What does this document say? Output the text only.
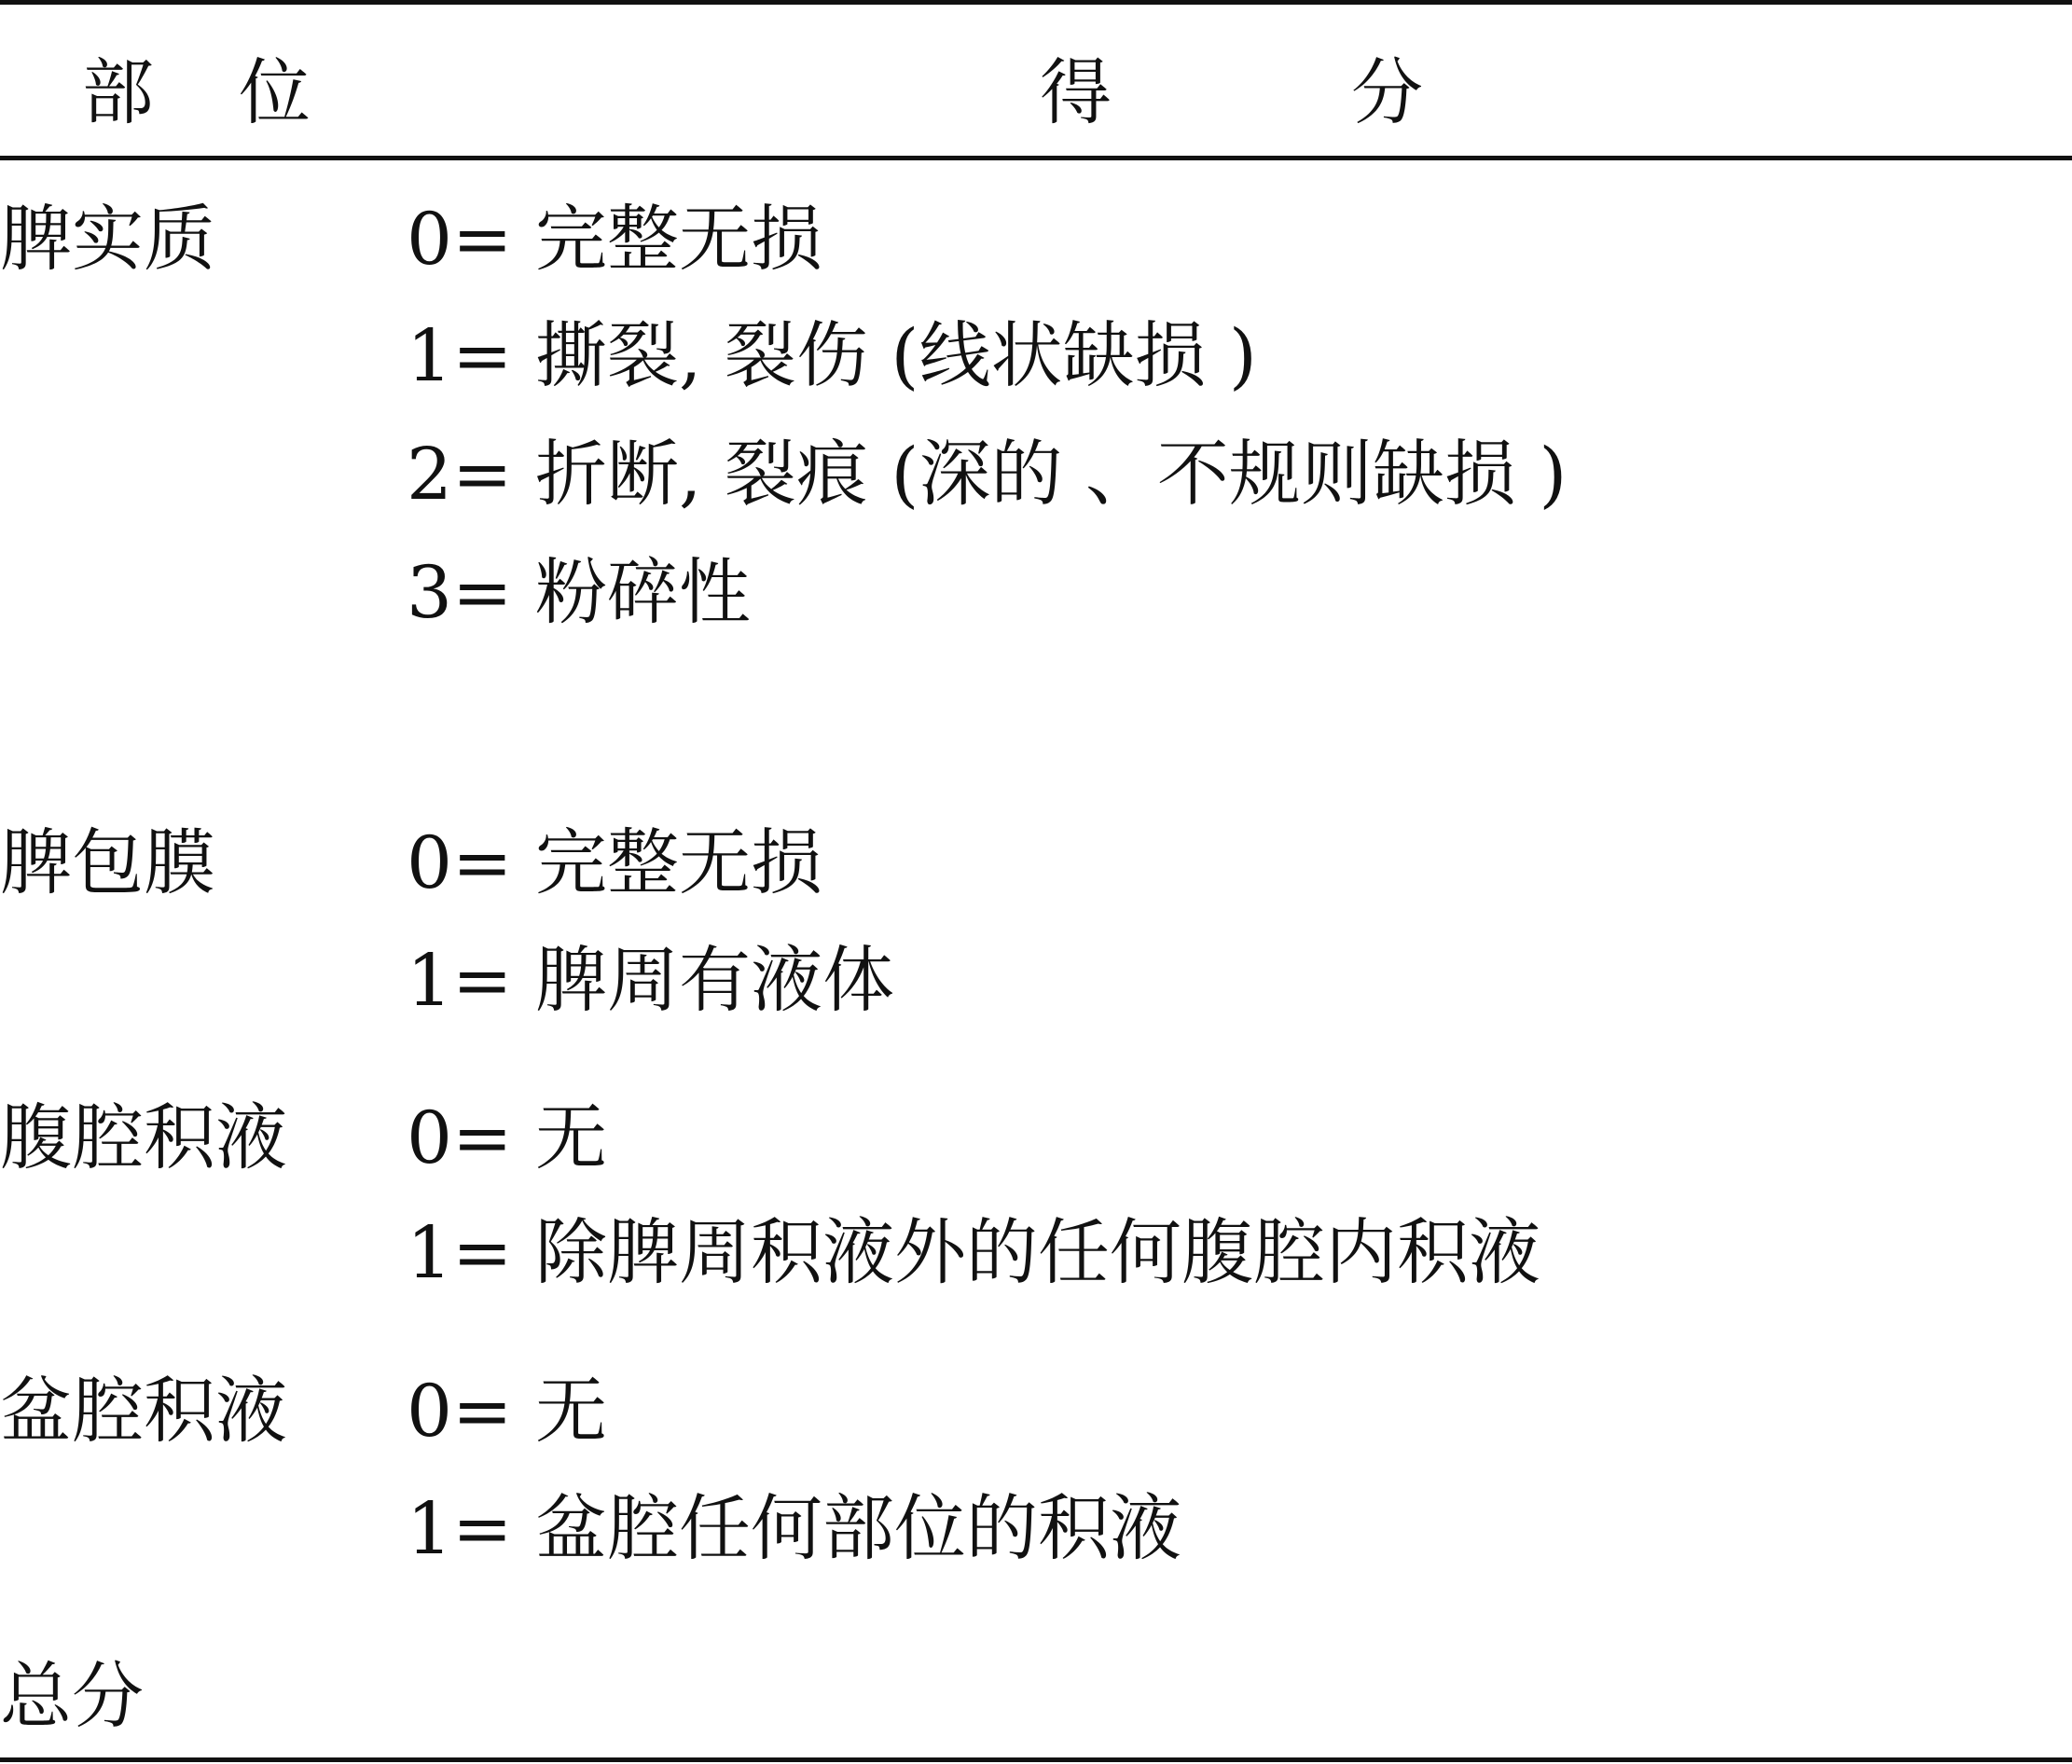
部 位	得	分
脾实质	0= 完整无损
1= 撕裂, 裂伤 (线状缺损 )
2= 折断, 裂痕 (深的 、不规则缺损 )
3= 粉碎性
脾包膜	0= 完整无损
1= 脾周有液体
腹腔积液 0= 无
1= 除脾周积液外的任何腹腔内积液
盆腔积液 0= 无
1= 盆腔任何部位的积液
总分
